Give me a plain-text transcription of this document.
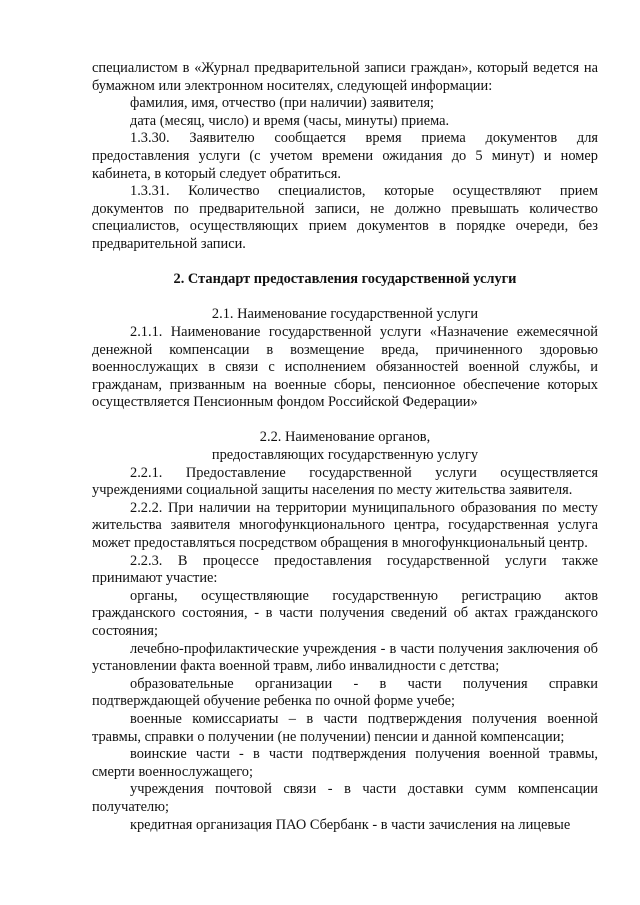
специалистом в «Журнал предварительной записи граждан», который ведется на бумажном или электронном носителях, следующей информации:

фамилия, имя, отчество (при наличии) заявителя;

дата (месяц, число) и время (часы, минуты) приема.

1.3.30. Заявителю сообщается время приема документов для предоставления услуги (с учетом времени ожидания до 5 минут) и номер кабинета, в который следует обратиться.

1.3.31. Количество специалистов, которые осуществляют прием документов по предварительной записи, не должно превышать количество специалистов, осуществляющих прием документов в порядке очереди, без предварительной записи.

2. Стандарт предоставления государственной услуги

2.1. Наименование государственной услуги

2.1.1. Наименование государственной услуги «Назначение ежемесячной денежной компенсации в возмещение вреда, причиненного здоровью военнослужащих в связи с исполнением обязанностей военной службы, и гражданам, призванным на военные сборы, пенсионное обеспечение которых осуществляется Пенсионным фондом Российской Федерации»

2.2. Наименование органов,

предоставляющих государственную услугу

2.2.1. Предоставление государственной услуги осуществляется учреждениями социальной защиты населения по месту жительства заявителя.

2.2.2. При наличии на территории муниципального образования по месту жительства заявителя многофункционального центра, государственная услуга может предоставляться посредством обращения в многофункциональный центр.

2.2.3. В процессе предоставления государственной услуги также принимают участие:

органы, осуществляющие государственную регистрацию актов гражданского состояния, - в части получения сведений об актах гражданского состояния;

лечебно-профилактические учреждения - в части получения заключения об установлении факта военной травм, либо инвалидности с детства;

образовательные организации - в части получения справки подтверждающей обучение ребенка по очной форме учебе;

военные комиссариаты – в части подтверждения получения военной травмы, справки о получении (не получении) пенсии и данной компенсации;

воинские части - в части подтверждения получения военной травмы, смерти военнослужащего;

учреждения почтовой связи - в части доставки сумм компенсации получателю;

кредитная организация ПАО Сбербанк - в части зачисления на лицевые
